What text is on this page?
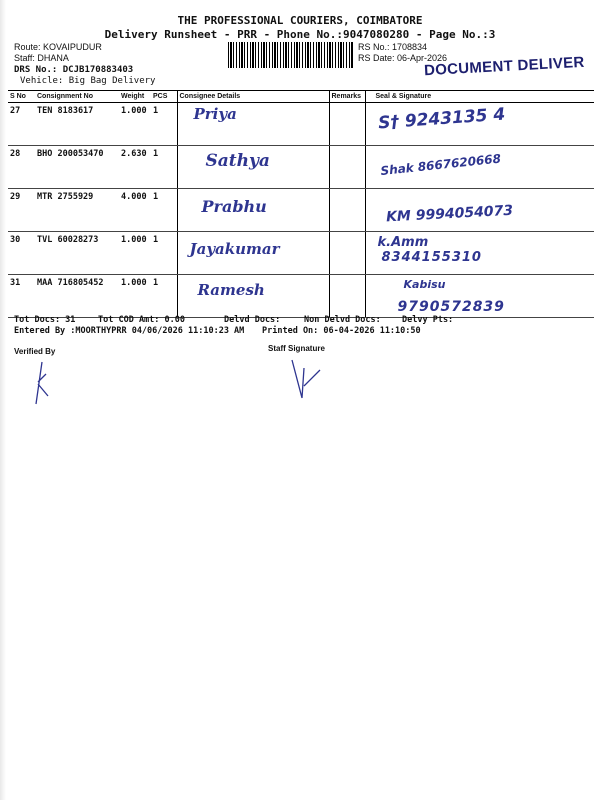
THE PROFESSIONAL COURIERS, COIMBATORE
Delivery Runsheet - PRR - Phone No.:9047080280 - Page No.:3
Route: KOVAIPUDUR
Staff: DHANA
DRS No.: DCJB170883403
Vehicle: Big Bag Delivery
RS No.: 1708834
RS Date: 06-Apr-2026
DOCUMENT DELIVER
S No	Consignment No	Weight	PCS	Consignee Details	Remarks	Seal & Signature
27	TEN 8183617	1.000	1	Priya		S† 9243135 4

28	BHO 200053470	2.630	1	Sathya		Shak 8667620668

29	MTR 2755929	4.000	1	Prabhu		KM 9994054073

30	TVL 60028273	1.000	1	Jayakumar		k.Amm
8344155310

31	MAA 716805452	1.000	1	Ramesh		Kabisu
9790572839
Tot Docs: 31	Tot COD Amt: 0.00	Delvd Docs:	Non Delvd Docs: Delvy Pts:
Entered By :MOORTHYPRR 04/06/2026 11:10:23 AM Printed On: 06-04-2026 11:10:50
Verified By	Staff Signature
